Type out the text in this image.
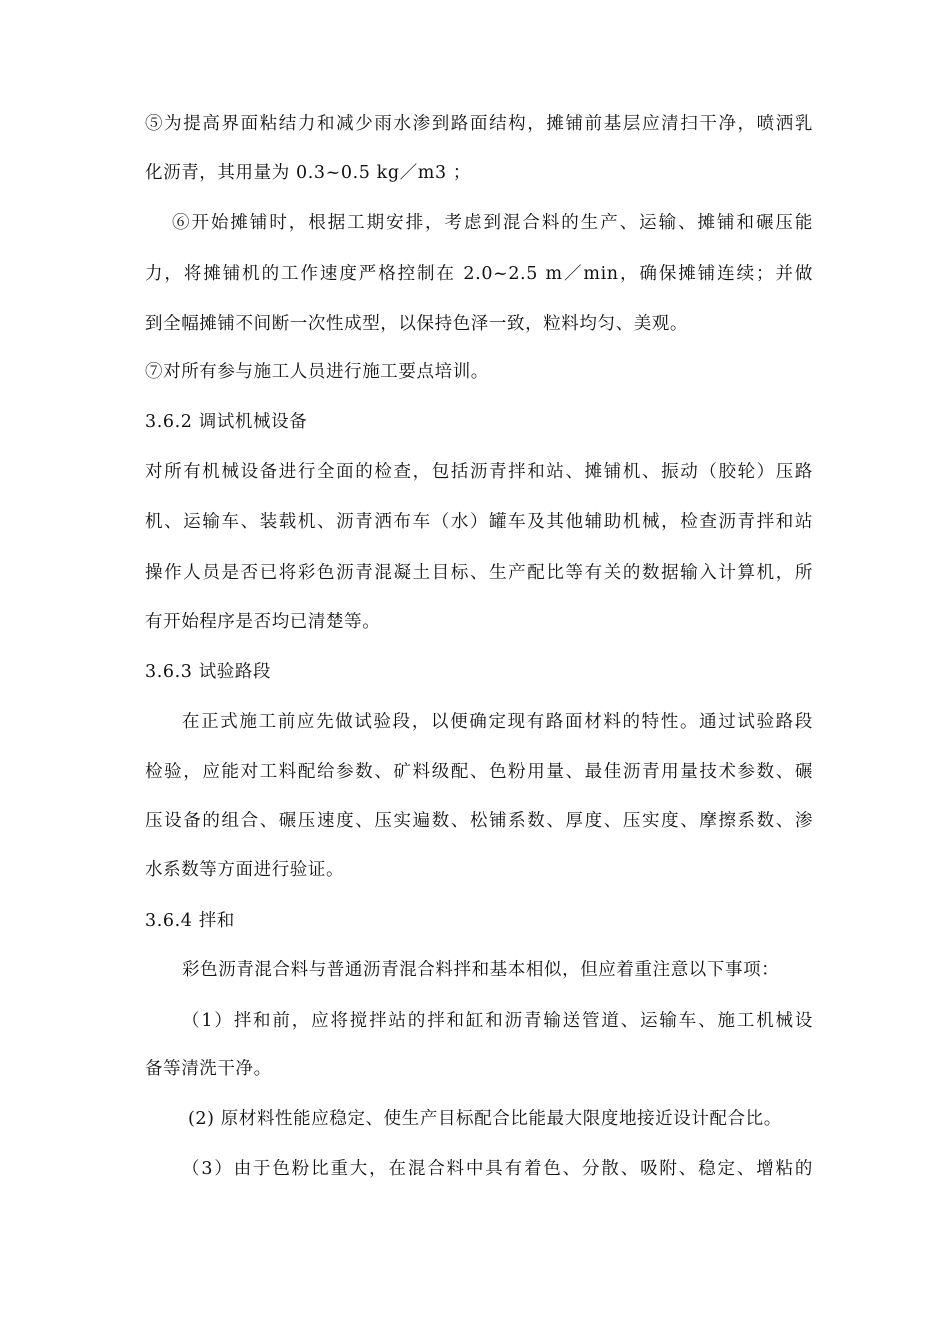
⑤为提高界面粘结力和减少雨水渗到路面结构，摊铺前基层应清扫干净，喷洒乳
化沥青，其用量为 0.3~0.5 kg／m3 ；
⑥开始摊铺时，根据工期安排，考虑到混合料的生产、运输、摊铺和碾压能
力，将摊铺机的工作速度严格控制在 2.0~2.5 m／min，确保摊铺连续；并做
到全幅摊铺不间断一次性成型，以保持色泽一致，粒料均匀、美观。
⑦对所有参与施工人员进行施工要点培训。
3.6.2 调试机械设备
对所有机械设备进行全面的检查，包括沥青拌和站、摊铺机、振动（胶轮）压路
机、运输车、装载机、沥青洒布车（水）罐车及其他辅助机械，检查沥青拌和站
操作人员是否已将彩色沥青混凝土目标、生产配比等有关的数据输入计算机，所
有开始程序是否均已清楚等。
3.6.3 试验路段
在正式施工前应先做试验段，以便确定现有路面材料的特性。通过试验路段
检验，应能对工料配给参数、矿料级配、色粉用量、最佳沥青用量技术参数、碾
压设备的组合、碾压速度、压实遍数、松铺系数、厚度、压实度、摩擦系数、渗
水系数等方面进行验证。
3.6.4 拌和
彩色沥青混合料与普通沥青混合料拌和基本相似，但应着重注意以下事项：
（1）拌和前，应将搅拌站的拌和缸和沥青输送管道、运输车、施工机械设
备等清洗干净。
(2) 原材料性能应稳定、使生产目标配合比能最大限度地接近设计配合比。
（3）由于色粉比重大，在混合料中具有着色、分散、吸附、稳定、增粘的
